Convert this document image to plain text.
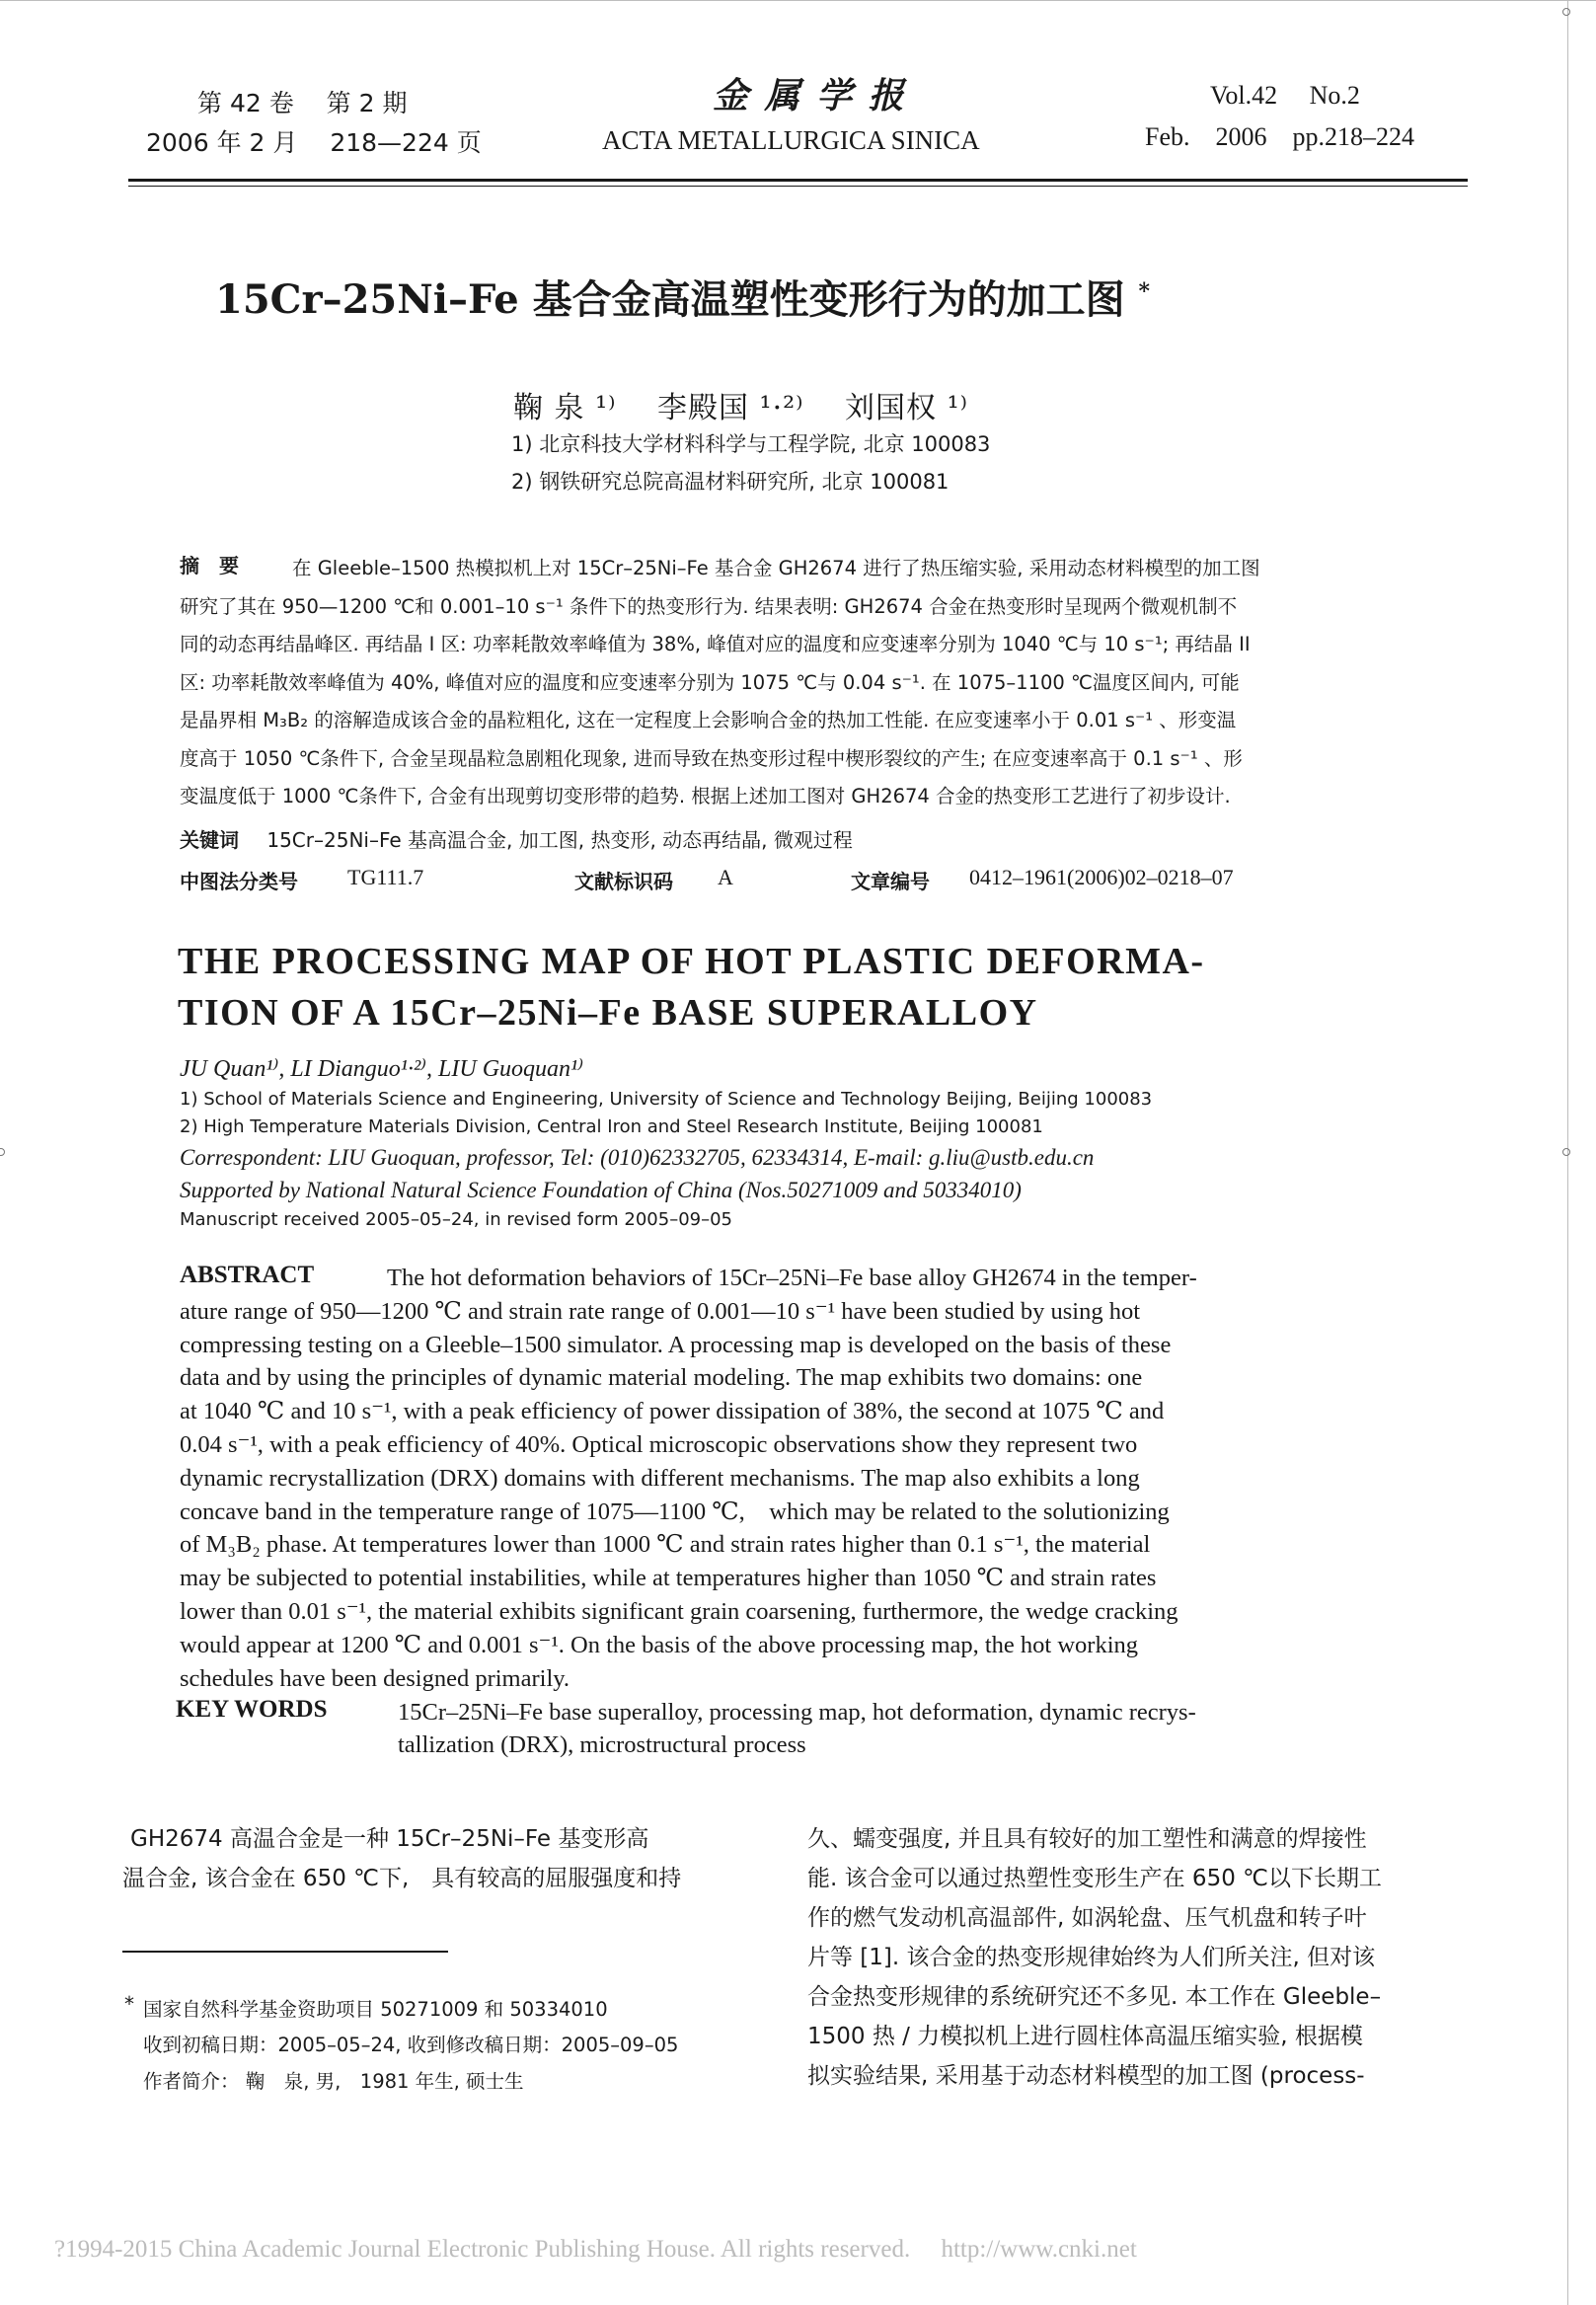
第 42 卷　 第 2 期
2006 年 2 月　 218—224 页
金 属 学 报
ACTA METALLURGICA SINICA
Vol.42　 No.2
Feb.　2006　pp.218–224
15Cr–25Ni–Fe 基合金高温塑性变形行为的加工图 *
鞠 泉 ¹⁾　 李殿国 ¹·²⁾　 刘国权 ¹⁾
1) 北京科技大学材料科学与工程学院, 北京 100083
2) 钢铁研究总院高温材料研究所, 北京 100081
摘　要	在 Gleeble–1500 热模拟机上对 15Cr–25Ni–Fe 基合金 GH2674 进行了热压缩实验, 采用动态材料模型的加工图
研究了其在 950—1200 ℃和 0.001–10 s⁻¹ 条件下的热变形行为. 结果表明: GH2674 合金在热变形时呈现两个微观机制不
同的动态再结晶峰区. 再结晶 I 区: 功率耗散效率峰值为 38%, 峰值对应的温度和应变速率分别为 1040 ℃与 10 s⁻¹; 再结晶 II
区: 功率耗散效率峰值为 40%, 峰值对应的温度和应变速率分别为 1075 ℃与 0.04 s⁻¹. 在 1075–1100 ℃温度区间内, 可能
是晶界相 M₃B₂ 的溶解造成该合金的晶粒粗化, 这在一定程度上会影响合金的热加工性能. 在应变速率小于 0.01 s⁻¹ 、形变温
度高于 1050 ℃条件下, 合金呈现晶粒急剧粗化现象, 进而导致在热变形过程中楔形裂纹的产生; 在应变速率高于 0.1 s⁻¹ 、形
变温度低于 1000 ℃条件下, 合金有出现剪切变形带的趋势. 根据上述加工图对 GH2674 合金的热变形工艺进行了初步设计.
关键词 15Cr–25Ni–Fe 基高温合金, 加工图, 热变形, 动态再结晶, 微观过程
中图法分类号 TG111.7	文献标识码 A	文章编号 0412–1961(2006)02–0218–07
THE PROCESSING MAP OF HOT PLASTIC DEFORMA-
TION OF A 15Cr–25Ni–Fe BASE SUPERALLOY
JU Quan¹⁾, LI Dianguo¹·²⁾, LIU Guoquan¹⁾
1) School of Materials Science and Engineering, University of Science and Technology Beijing, Beijing 100083
2) High Temperature Materials Division, Central Iron and Steel Research Institute, Beijing 100081
Correspondent: LIU Guoquan, professor, Tel: (010)62332705, 62334314, E-mail: g.liu@ustb.edu.cn
Supported by National Natural Science Foundation of China (Nos.50271009 and 50334010)
Manuscript received 2005–05–24, in revised form 2005–09–05
ABSTRACT	The hot deformation behaviors of 15Cr–25Ni–Fe base alloy GH2674 in the temper-
ature range of 950—1200 ℃ and strain rate range of 0.001—10 s⁻¹ have been studied by using hot
compressing testing on a Gleeble–1500 simulator. A processing map is developed on the basis of these
data and by using the principles of dynamic material modeling. The map exhibits two domains: one
at 1040 ℃ and 10 s⁻¹, with a peak efficiency of power dissipation of 38%, the second at 1075 ℃ and
0.04 s⁻¹, with a peak efficiency of 40%. Optical microscopic observations show they represent two
dynamic recrystallization (DRX) domains with different mechanisms. The map also exhibits a long
concave band in the temperature range of 1075—1100 ℃,　which may be related to the solutionizing
of M₃B₂ phase. At temperatures lower than 1000 ℃ and strain rates higher than 0.1 s⁻¹, the material
may be subjected to potential instabilities, while at temperatures higher than 1050 ℃ and strain rates
lower than 0.01 s⁻¹, the material exhibits significant grain coarsening, furthermore, the wedge cracking
would appear at 1200 ℃ and 0.001 s⁻¹. On the basis of the above processing map, the hot working
schedules have been designed primarily.
KEY WORDS	15Cr–25Ni–Fe base superalloy, processing map, hot deformation, dynamic recrys-
tallization (DRX), microstructural process
GH2674 高温合金是一种 15Cr–25Ni–Fe 基变形高
温合金, 该合金在 650 ℃下,　具有较高的屈服强度和持
久、蠕变强度, 并且具有较好的加工塑性和满意的焊接性
能. 该合金可以通过热塑性变形生产在 650 ℃以下长期工
作的燃气发动机高温部件, 如涡轮盘、压气机盘和转子叶
片等 [1]. 该合金的热变形规律始终为人们所关注, 但对该
合金热变形规律的系统研究还不多见. 本工作在 Gleeble–
1500 热 / 力模拟机上进行圆柱体高温压缩实验, 根据模
拟实验结果, 采用基于动态材料模型的加工图 (process-
* 国家自然科学基金资助项目 50271009 和 50334010
收到初稿日期：2005–05–24, 收到修改稿日期：2005–09–05
作者简介： 鞠　泉, 男,　1981 年生, 硕士生
?1994-2015 China Academic Journal Electronic Publishing House. All rights reserved.　 http://www.cnki.net
